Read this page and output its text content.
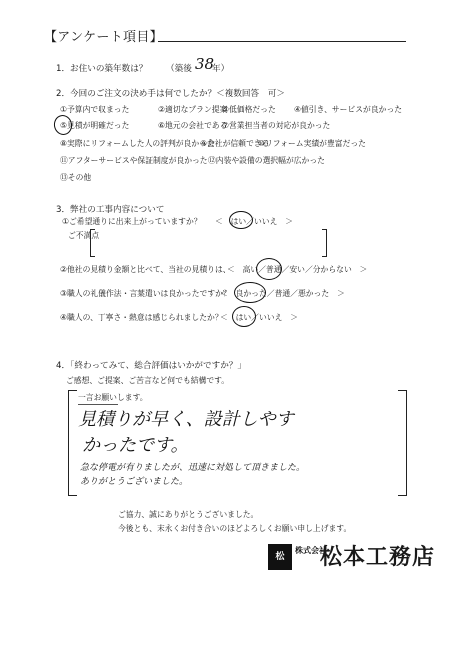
【アンケート項目】
1．お住いの築年数は？ （築後 38
年）
2．今回のご注文の決め手は何でしたか？＜複数回答　可＞
①予算内で収まった	②適切なプラン提案
③低価格だった ④値引き、サービスが良かった
⑤見積が明確だった	⑥地元の会社である
⑦営業担当者の対応が良かった
⑧実際にリフォームした人の評判が良かった
⑨会社が信頼できる
⑩リフォーム実績が豊富だった
⑪アフターサービスや保証制度が良かった ⑫内装や設備の選択幅が広かった
⑬その他
3．弊社の工事内容について
①ご希望通りに出来上がっていますか？ ＜　はい／いいえ　＞
ご不満点
②他社の見積り金額と比べて、当社の見積りは、
＜　高い／普通／安い／分からない　＞
③職人の礼儀作法・言葉遣いは良かったですか？
＜　良かった／普通／悪かった　＞
④職人の、丁寧さ・熱意は感じられましたか？
＜　はい／いいえ　＞
4．「終わってみて、総合評価はいかがですか？」
ご感想、ご提案、ご苦言など何でも結構です。
一言お願いします。
見積りが早く、設計しやす
かったです。
急な停電が有りましたが、迅速に対処して頂きました。
ありがとうございました。
ご協力、誠にありがとうございました。
今後とも、末永くお付き合いのほどよろしくお願い申し上げます。
松
株式会社
松本工務店
